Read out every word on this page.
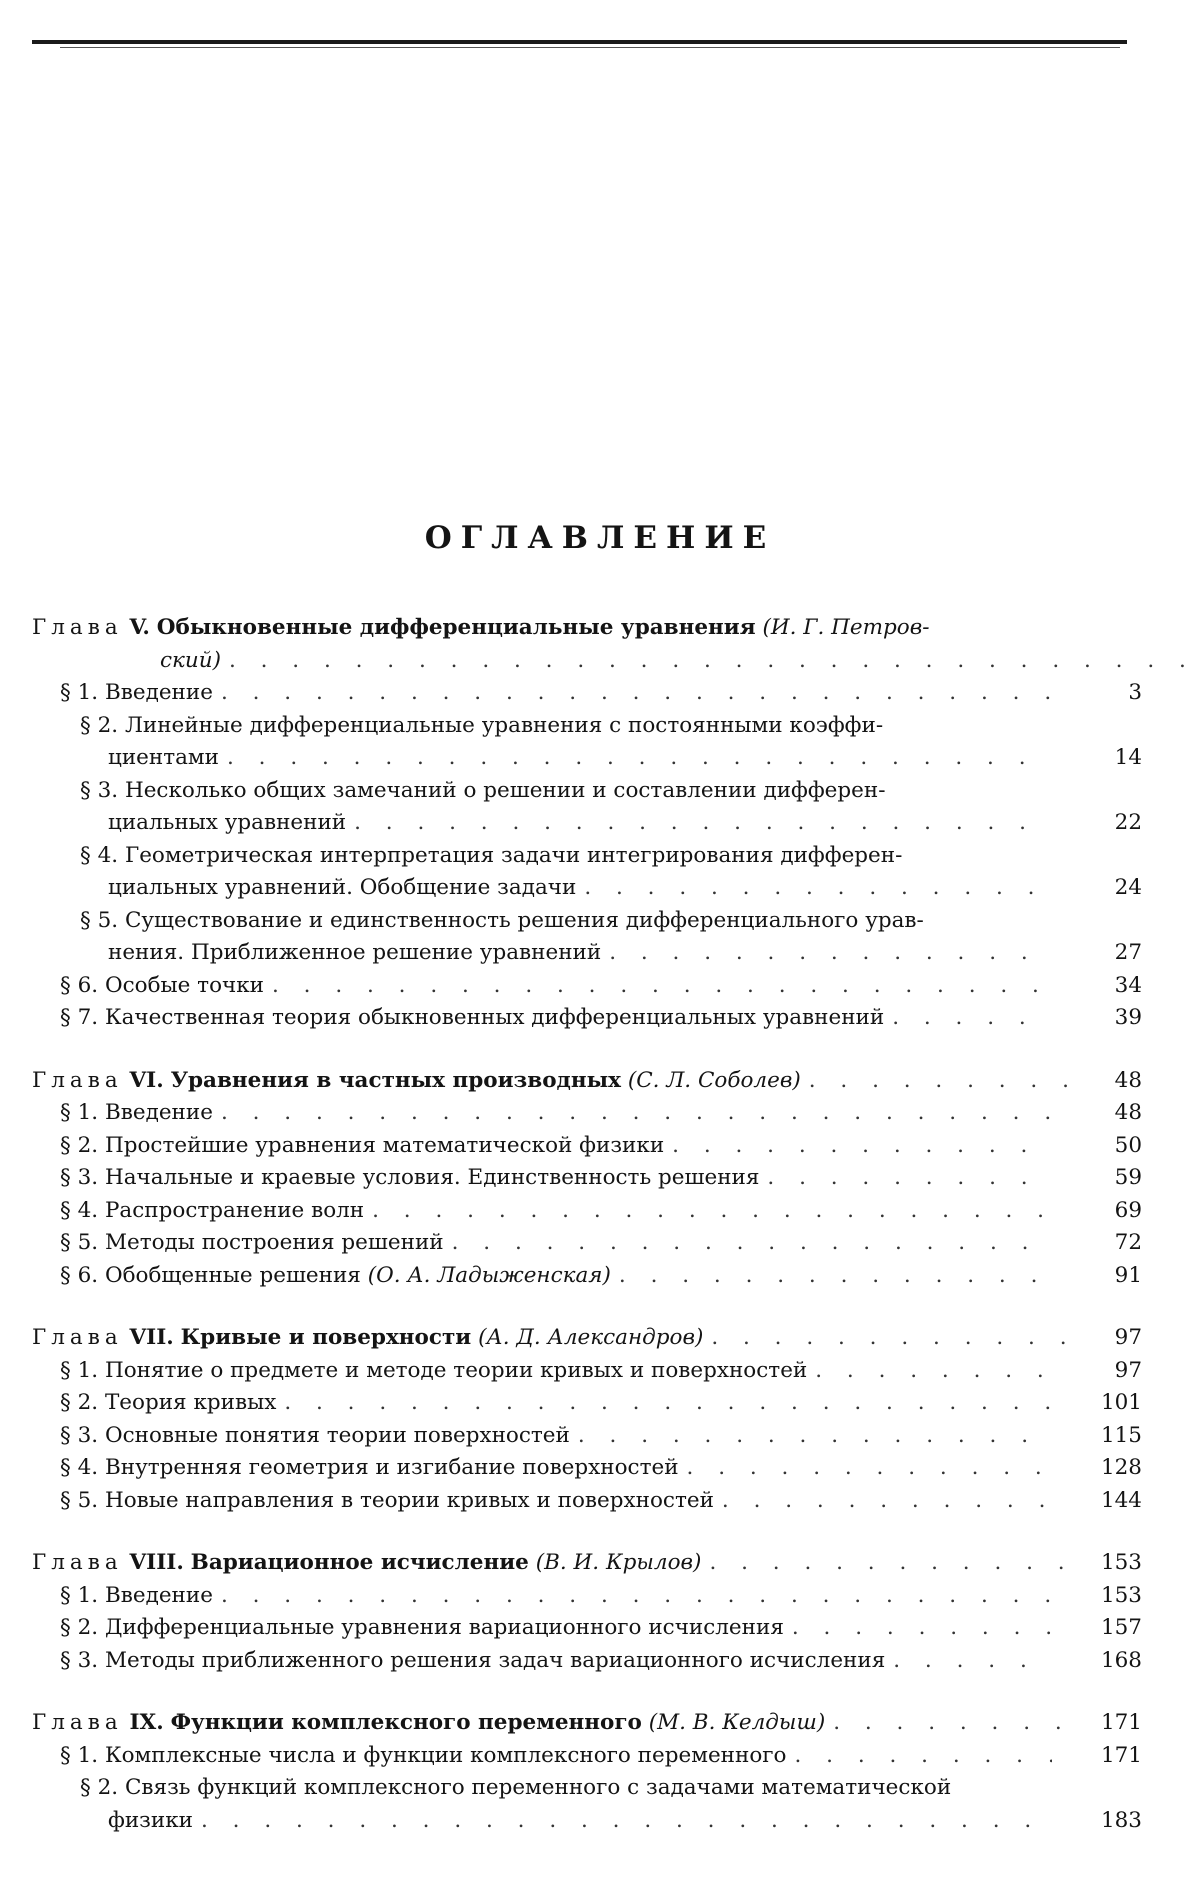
ОГЛАВЛЕНИЕ
Глава V. Обыкновенные дифференциальные уравнения (И. Г. Петров-
ский) . . . . . . . . . . . . . . . . . . . . . . . . . . . . . . .
§ 1. Введение . . . . . . . . . . . . . . . . . . . . . . . . . .	3
§ 2. Линейные дифференциальные уравнения с постоянными коэффи-
циентами . . . . . . . . . . . . . . . . . . . . . . . . . .	14
§ 3. Несколько общих замечаний о решении и составлении дифферен-
циальных уравнений . . . . . . . . . . . . . . . . . . . . . .	22
§ 4. Геометрическая интерпретация задачи интегрирования дифферен-
циальных уравнений. Обобщение задачи . . . . . . . . . . . . . . .	24
§ 5. Существование и единственность решения дифференциального урав-
нения. Приближенное решение уравнений . . . . . . . . . . . . . .	27
§ 6. Особые точки . . . . . . . . . . . . . . . . . . . . . . . . .	34
§ 7. Качественная теория обыкновенных дифференциальных уравнений . . . . .	39
Глава VI. Уравнения в частных производных (С. Л. Соболев) . . . . . . . .	48
§ 1. Введение . . . . . . . . . . . . . . . . . . . . . . . . . .	48
§ 2. Простейшие уравнения математической физики . . . . . . . . . . . .	50
§ 3. Начальные и краевые условия. Единственность решения . . . . . . . . .	59
§ 4. Распространение волн . . . . . . . . . . . . . . . . . . . . . .	69
§ 5. Методы построения решений . . . . . . . . . . . . . . . . . . .	72
§ 6. Обобщенные решения (О. А. Ладыженская) . . . . . . . . . . . . . .	91
Глава VII. Кривые и поверхности (А. Д. Александров) . . . . . . . . . . .	97
§ 1. Понятие о предмете и методе теории кривых и поверхностей . . . . . . . .	97
§ 2. Теория кривых . . . . . . . . . . . . . . . . . . . . . . . .	101
§ 3. Основные понятия теории поверхностей . . . . . . . . . . . . . . .	115
§ 4. Внутренняя геометрия и изгибание поверхностей . . . . . . . . . . . .	128
§ 5. Новые направления в теории кривых и поверхностей . . . . . . . . . .	144
Глава VIII. Вариационное исчисление (В. И. Крылов) . . . . . . . . . . .	153
§ 1. Введение . . . . . . . . . . . . . . . . . . . . . . . . . .	153
§ 2. Дифференциальные уравнения вариационного исчисления . . . . . . . .	157
§ 3. Методы приближенного решения задач вариационного исчисления . . . . .	168
Глава IX. Функции комплексного переменного (М. В. Келдыш) . . . . . . . .	171
§ 1. Комплексные числа и функции комплексного переменного . . . . . . . .	171
§ 2. Связь функций комплексного переменного с задачами математической
физики . . . . . . . . . . . . . . . . . . . . . . . . . . .	183
